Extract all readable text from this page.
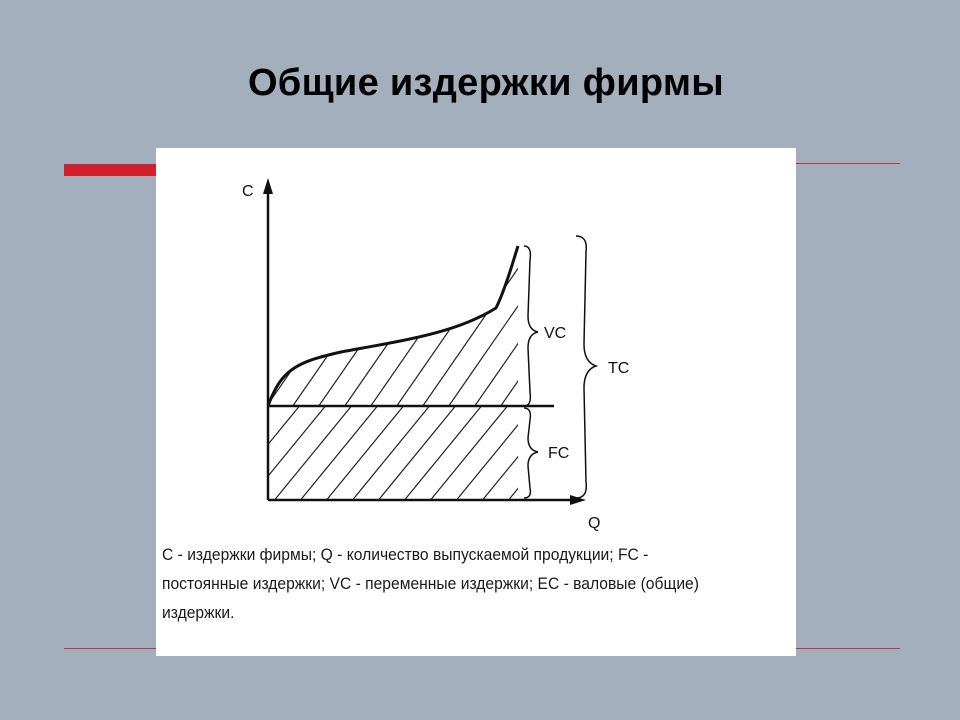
Общие издержки фирмы
C
Q
VC
FC
TC
С - издержки фирмы; Q - количество выпускаемой продукции; FC -
постоянные издержки; VC - переменные издержки; ЕС - валовые (общие)
издержки.
